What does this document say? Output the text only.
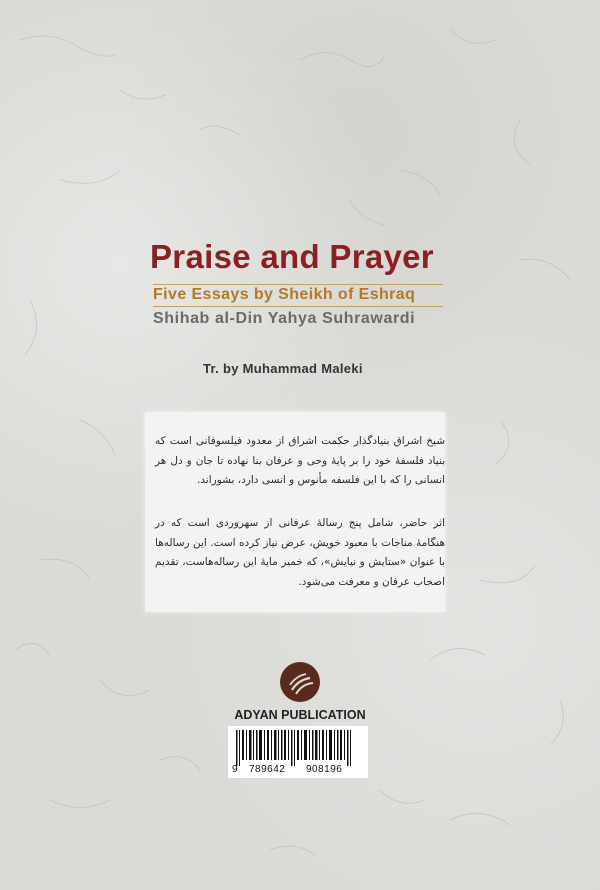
Praise and Prayer
Five Essays by Sheikh of Eshraq
Shihab al-Din Yahya Suhrawardi
Tr. by Muhammad Maleki
شیخ اشراق بنیادگذار حکمت اشراق از معدود فیلسوفانی است که بنیاد فلسفهٔ خود را بر پایهٔ وحی و عرفان بنا نهاده تا جان و دل هر انسانی را که با این فلسفه مأنوس و انسی دارد، بشوراند.
اثر حاضر، شامل پنج رسالهٔ عرفانی از سهروردی است که در هنگامهٔ مناجات با معبود خویش، عرض نیاز کرده است. این رساله‌ها با عنوان «ستایش و نیایش»، که خمیر مایهٔ این رساله‌هاست، تقدیم اصحاب عرفان و معرفت می‌شود.
ADYAN PUBLICATION
9 789642 908196
